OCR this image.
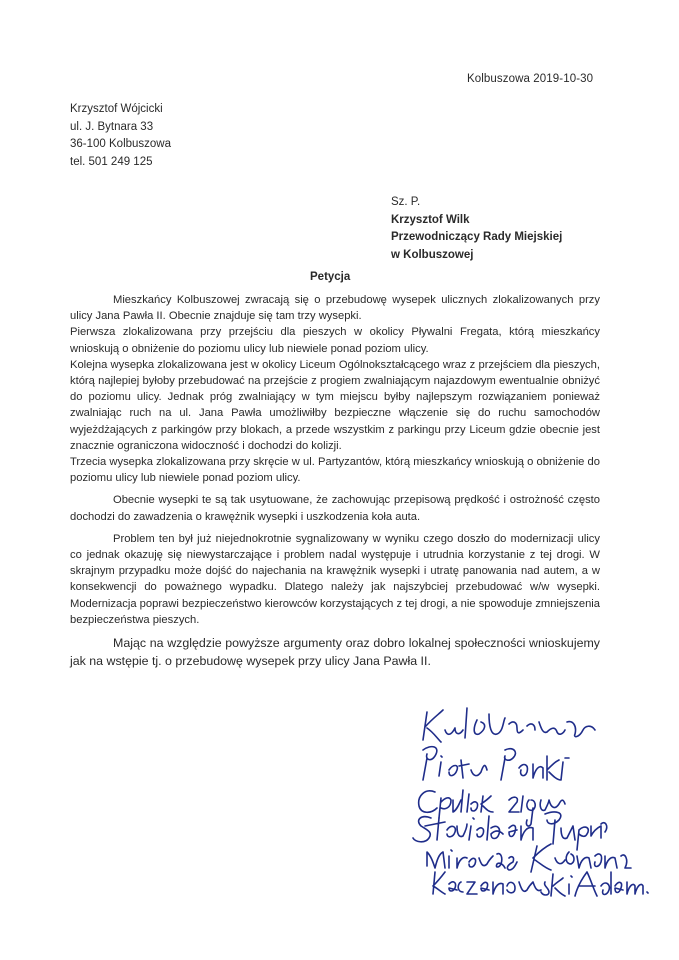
Kolbuszowa 2019-10-30
Krzysztof Wójcicki
ul. J. Bytnara 33
36-100 Kolbuszowa
tel. 501 249 125
Sz. P.
Krzysztof Wilk
Przewodniczący Rady Miejskiej
w Kolbuszowej
Petycja

Mieszkańcy Kolbuszowej zwracają się o przebudowę wysepek ulicznych zlokalizowanych przy ulicy Jana Pawła II. Obecnie znajduje się tam trzy wysepki.

Pierwsza zlokalizowana przy przejściu dla pieszych w okolicy Pływalni Fregata, którą mieszkańcy wnioskują o obniżenie do poziomu ulicy lub niewiele ponad poziom ulicy.

Kolejna wysepka zlokalizowana jest w okolicy Liceum Ogólnokształcącego wraz z przejściem dla pieszych, którą najlepiej byłoby przebudować na przejście z progiem zwalniającym najazdowym ewentualnie obniżyć do poziomu ulicy. Jednak próg zwalniający w tym miejscu byłby najlepszym rozwiązaniem ponieważ zwalniając ruch na ul. Jana Pawła umożliwiłby bezpieczne włączenie się do ruchu samochodów wyjeżdżających z parkingów przy blokach, a przede wszystkim z parkingu przy Liceum gdzie obecnie jest znacznie ograniczona widoczność i dochodzi do kolizji.

Trzecia wysepka zlokalizowana przy skręcie w ul. Partyzantów, którą mieszkańcy wnioskują o obniżenie do poziomu ulicy lub niewiele ponad poziom ulicy.

Obecnie wysepki te są tak usytuowane, że zachowując przepisową prędkość i ostrożność często dochodzi do zawadzenia o krawężnik wysepki i uszkodzenia koła auta.

Problem ten był już niejednokrotnie sygnalizowany w wyniku czego doszło do modernizacji ulicy co jednak okazuję się niewystarczające i problem nadal występuje i utrudnia korzystanie z tej drogi. W skrajnym przypadku może dojść do najechania na krawężnik wysepki i utratę panowania nad autem, a w konsekwencji do poważnego wypadku. Dlatego należy jak najszybciej przebudować w/w wysepki. Modernizacja poprawi bezpieczeństwo kierowców korzystających z tej drogi, a nie spowoduje zmniejszenia bezpieczeństwa pieszych.

Mając na względzie powyższe argumenty oraz dobro lokalnej społeczności wnioskujemy jak na wstępie tj. o przebudowę wysepek przy ulicy Jana Pawła II.
